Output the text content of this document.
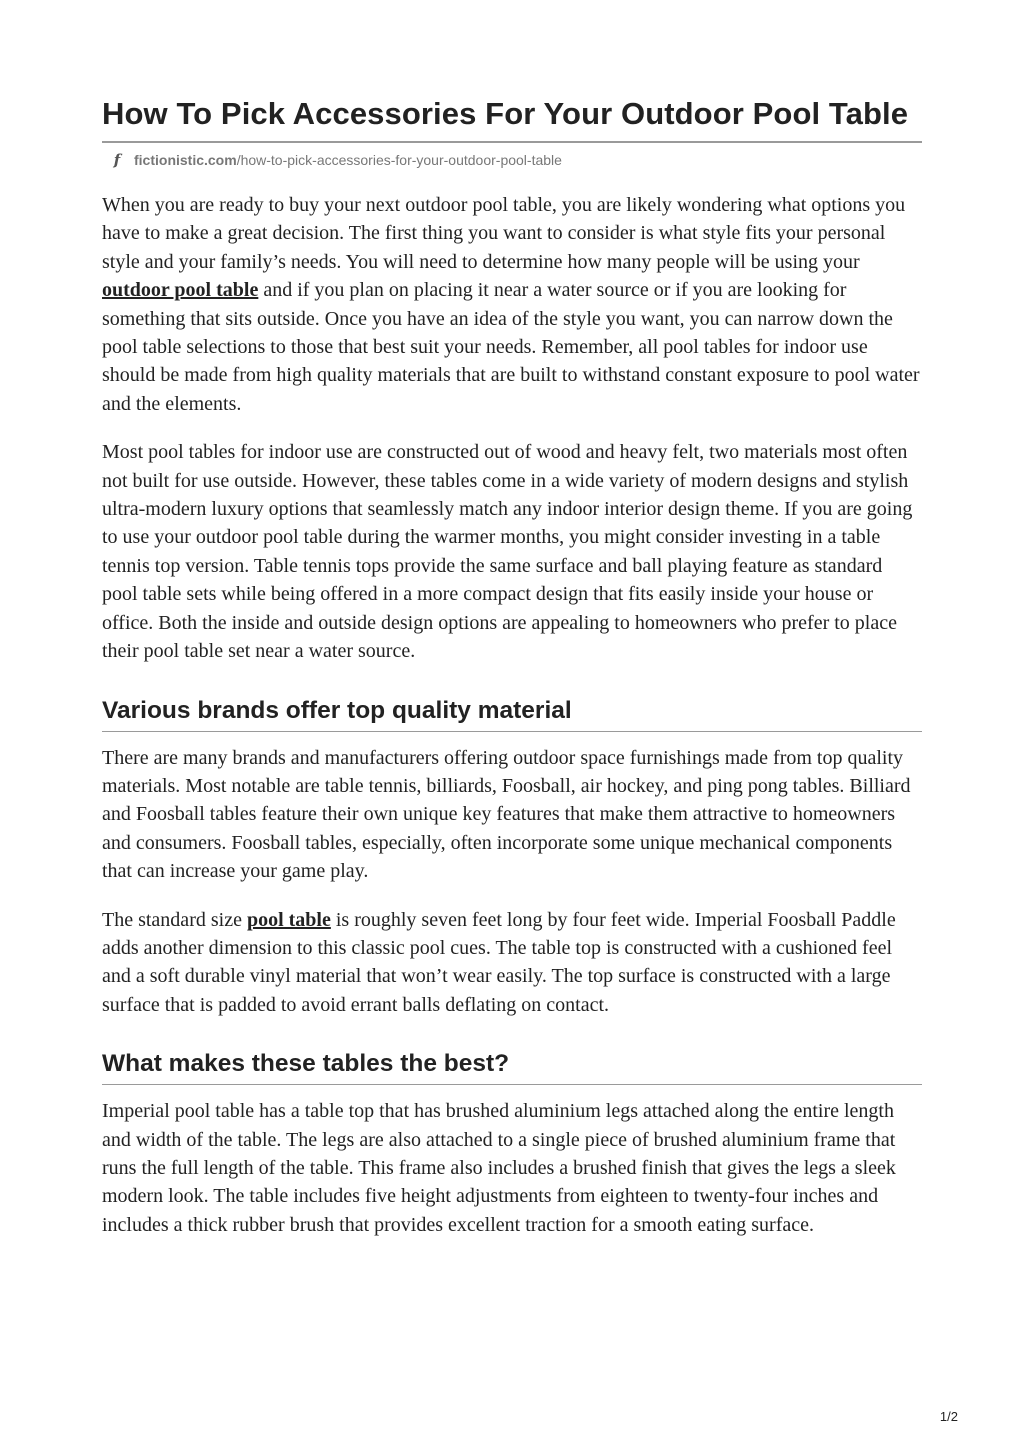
How To Pick Accessories For Your Outdoor Pool Table
f fictionistic.com /how-to-pick-accessories-for-your-outdoor-pool-table

When you are ready to buy your next outdoor pool table, you are likely wondering what options you have to make a great decision. The first thing you want to consider is what style fits your personal style and your family’s needs. You will need to determine how many people will be using your outdoor pool table and if you plan on placing it near a water source or if you are looking for something that sits outside. Once you have an idea of the style you want, you can narrow down the pool table selections to those that best suit your needs. Remember, all pool tables for indoor use should be made from high quality materials that are built to withstand constant exposure to pool water and the elements.

Most pool tables for indoor use are constructed out of wood and heavy felt, two materials most often not built for use outside. However, these tables come in a wide variety of modern designs and stylish ultra-modern luxury options that seamlessly match any indoor interior design theme. If you are going to use your outdoor pool table during the warmer months, you might consider investing in a table tennis top version. Table tennis tops provide the same surface and ball playing feature as standard pool table sets while being offered in a more compact design that fits easily inside your house or office. Both the inside and outside design options are appealing to homeowners who prefer to place their pool table set near a water source.

Various brands offer top quality material

There are many brands and manufacturers offering outdoor space furnishings made from top quality materials. Most notable are table tennis, billiards, Foosball, air hockey, and ping pong tables. Billiard and Foosball tables feature their own unique key features that make them attractive to homeowners and consumers. Foosball tables, especially, often incorporate some unique mechanical components that can increase your game play.

The standard size pool table is roughly seven feet long by four feet wide. Imperial Foosball Paddle adds another dimension to this classic pool cues. The table top is constructed with a cushioned feel and a soft durable vinyl material that won’t wear easily. The top surface is constructed with a large surface that is padded to avoid errant balls deflating on contact.

What makes these tables the best?

Imperial pool table has a table top that has brushed aluminium legs attached along the entire length and width of the table. The legs are also attached to a single piece of brushed aluminium frame that runs the full length of the table. This frame also includes a brushed finish that gives the legs a sleek modern look. The table includes five height adjustments from eighteen to twenty-four inches and includes a thick rubber brush that provides excellent traction for a smooth eating surface.

1/2
